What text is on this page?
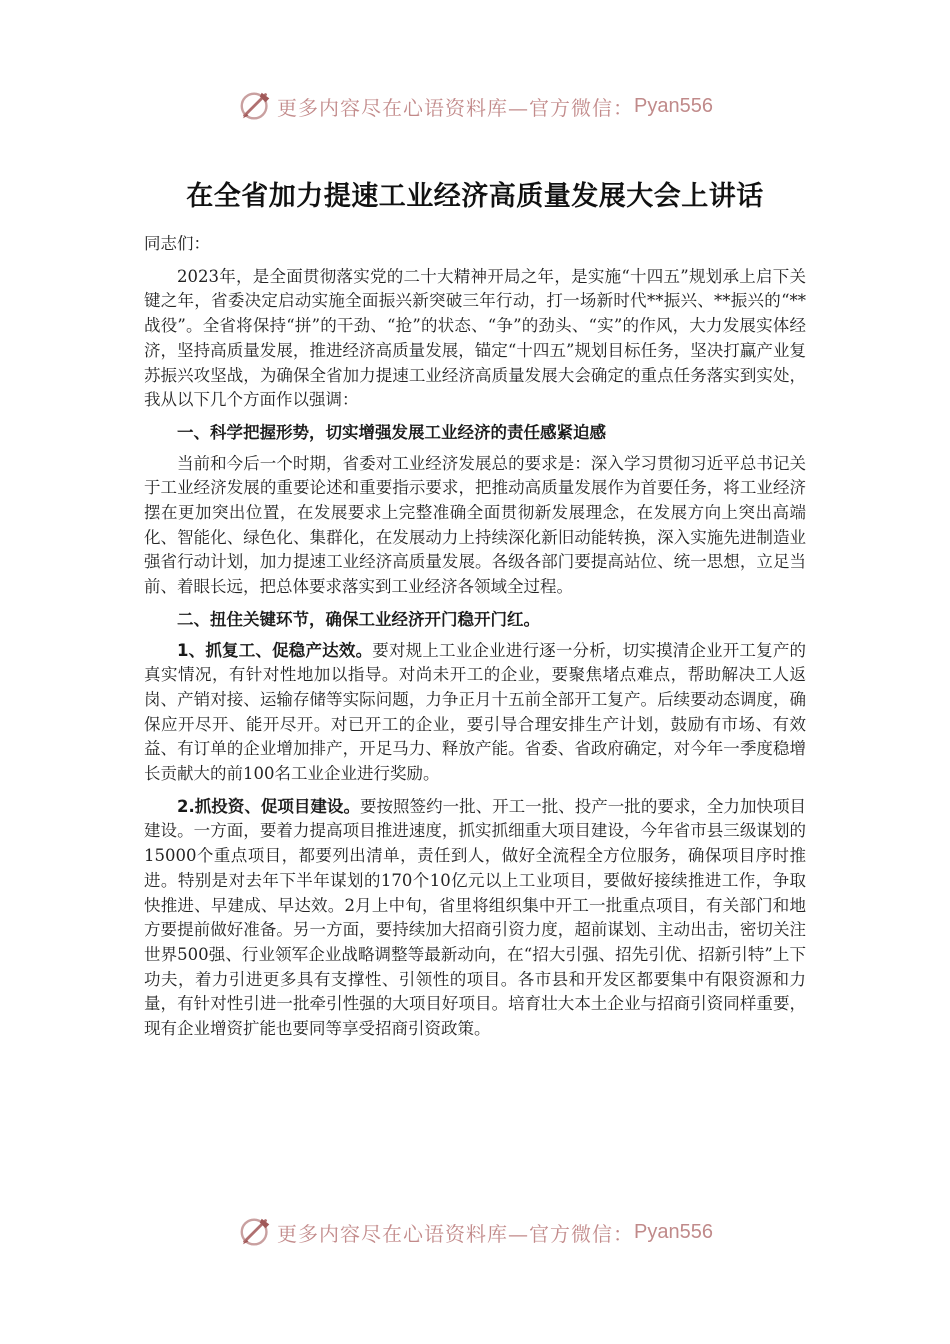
更多内容尽在心语资料库—官方微信： Pyan556
在全省加力提速工业经济高质量发展大会上讲话

同志们：

2023年，是全面贯彻落实党的二十大精神开局之年，是实施“十四五”规划承上启下关键之年，省委决定启动实施全面振兴新突破三年行动，打一场新时代**振兴、**振兴的“**战役”。全省将保持“拼”的干劲、“抢”的状态、“争”的劲头、“实”的作风，大力发展实体经济，坚持高质量发展，推进经济高质量发展，锚定“十四五”规划目标任务，坚决打赢产业复苏振兴攻坚战，为确保全省加力提速工业经济高质量发展大会确定的重点任务落实到实处，我从以下几个方面作以强调：

一、科学把握形势，切实增强发展工业经济的责任感紧迫感

当前和今后一个时期，省委对工业经济发展总的要求是：深入学习贯彻习近平总书记关于工业经济发展的重要论述和重要指示要求，把推动高质量发展作为首要任务，将工业经济摆在更加突出位置，在发展要求上完整准确全面贯彻新发展理念，在发展方向上突出高端化、智能化、绿色化、集群化，在发展动力上持续深化新旧动能转换，深入实施先进制造业强省行动计划，加力提速工业经济高质量发展。各级各部门要提高站位、统一思想，立足当前、着眼长远，把总体要求落实到工业经济各领域全过程。

二、扭住关键环节，确保工业经济开门稳开门红。

1、抓复工、促稳产达效。要对规上工业企业进行逐一分析，切实摸清企业开工复产的真实情况，有针对性地加以指导。对尚未开工的企业，要聚焦堵点难点，帮助解决工人返岗、产销对接、运输存储等实际问题，力争正月十五前全部开工复产。后续要动态调度，确保应开尽开、能开尽开。对已开工的企业，要引导合理安排生产计划，鼓励有市场、有效益、有订单的企业增加排产，开足马力、释放产能。省委、省政府确定，对今年一季度稳增长贡献大的前100名工业企业进行奖励。

2.抓投资、促项目建设。要按照签约一批、开工一批、投产一批的要求，全力加快项目建设。一方面，要着力提高项目推进速度，抓实抓细重大项目建设，今年省市县三级谋划的15000个重点项目，都要列出清单，责任到人，做好全流程全方位服务，确保项目序时推进。特别是对去年下半年谋划的170个10亿元以上工业项目，要做好接续推进工作，争取快推进、早建成、早达效。2月上中旬，省里将组织集中开工一批重点项目，有关部门和地方要提前做好准备。另一方面，要持续加大招商引资力度，超前谋划、主动出击，密切关注世界500强、行业领军企业战略调整等最新动向，在“招大引强、招先引优、招新引特”上下功夫，着力引进更多具有支撑性、引领性的项目。各市县和开发区都要集中有限资源和力量，有针对性引进一批牵引性强的大项目好项目。培育壮大本土企业与招商引资同样重要，现有企业增资扩能也要同等享受招商引资政策。

更多内容尽在心语资料库—官方微信： Pyan556
